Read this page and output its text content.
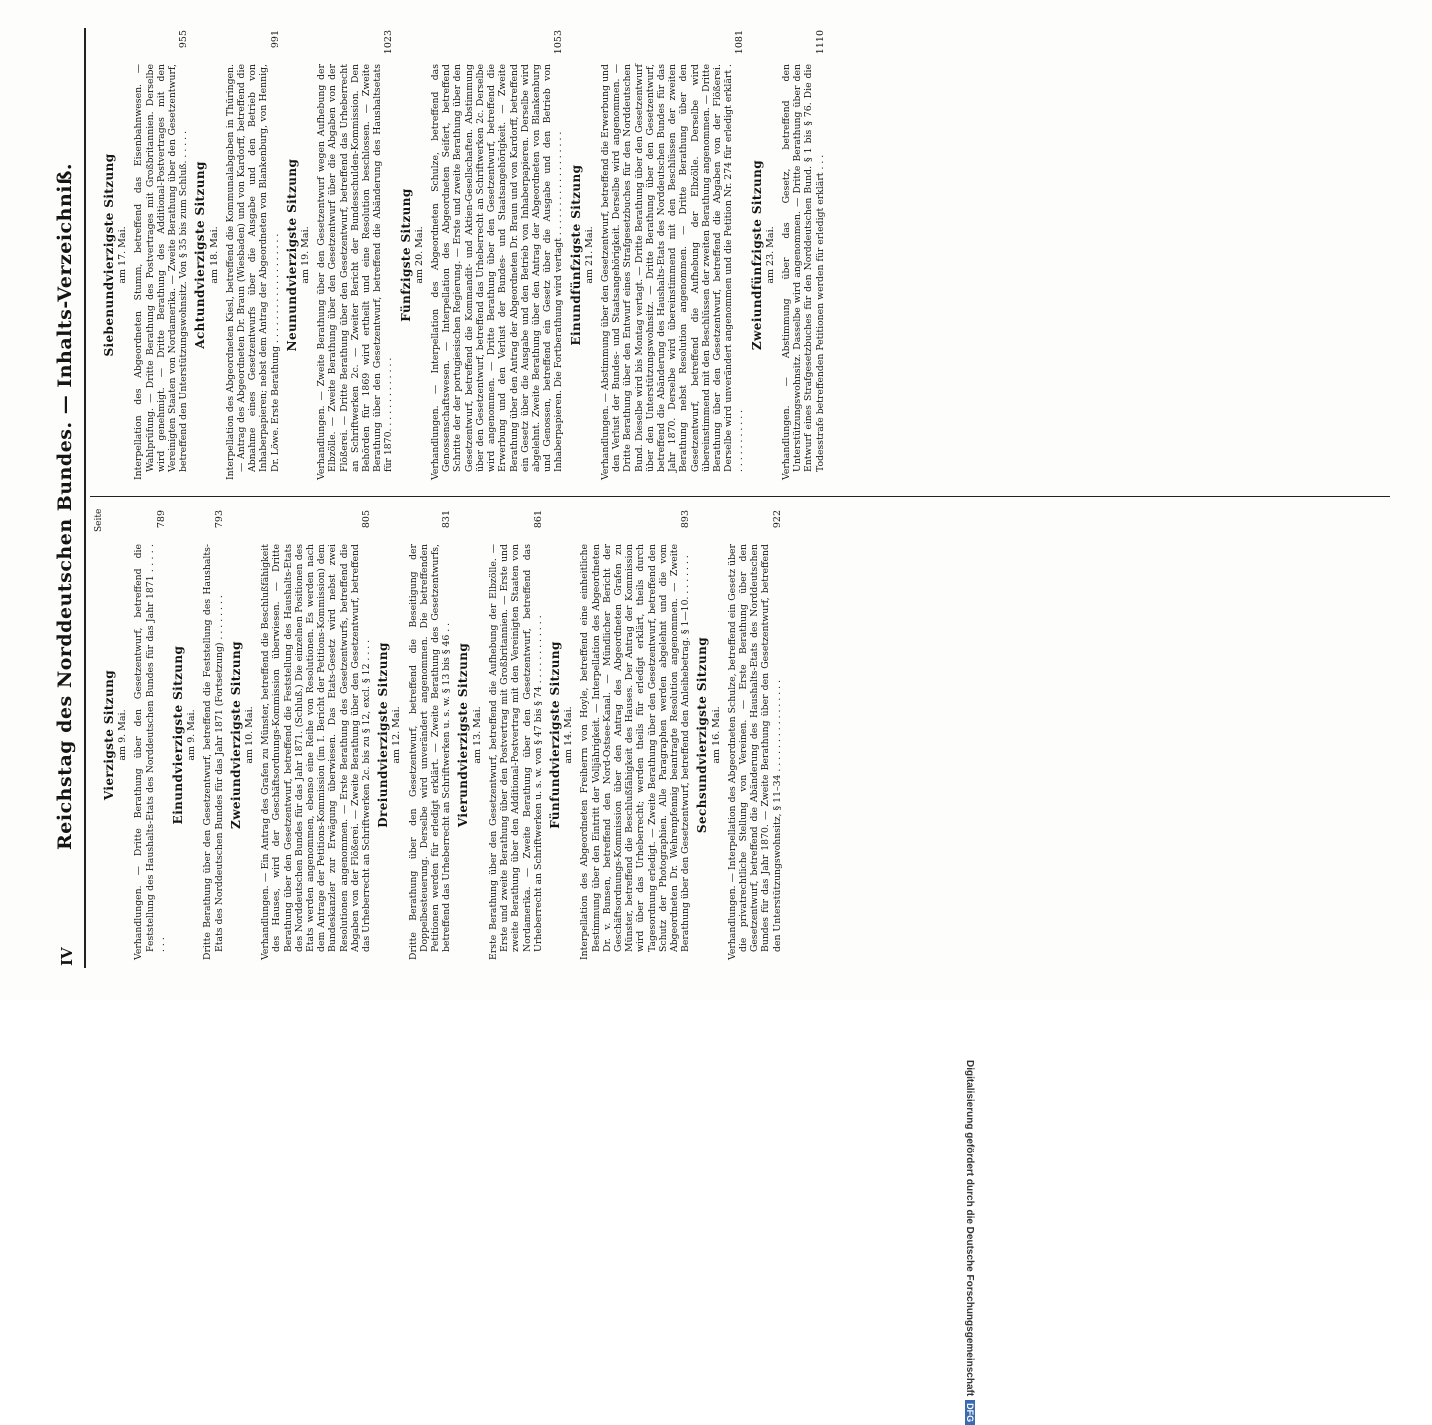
IV
Reichstag des Norddeutschen Bundes. — Inhalts-Verzeichniß. Seite
Vierzigste Sitzung am 9. Mai. Verhandlungen. — Dritte Berathung über den Gesetzentwurf, betreffend die Feststellung des Haushalts-Etats des Norddeutschen Bundes für das Jahr 1871 . . . . . . . .
789

Einundvierzigste Sitzung am 9. Mai. Dritte Berathung über den Gesetzentwurf, betreffend die Feststellung des Haushalts-Etats des Norddeutschen Bundes für das Jahr 1871 (Fortsetzung) . . . . . . . .
793

Zweiundvierzigste Sitzung am 10. Mai. Verhandlungen. — Ein Antrag des Grafen zu Münster, betreffend die Beschlußfähigkeit des Hauses, wird der Geschäftsordnungs-Kommission überwiesen. — Dritte Berathung über den Gesetzentwurf, betreffend die Feststellung des Haushalts-Etats des Norddeutschen Bundes für das Jahr 1871. (Schluß.) Die einzelnen Positionen des Etats werden angenommen, ebenso eine Reihe von Resolutionen. Es werden nach dem Antrage der Petitions-Kommission (im I. Bericht der Petitions-Kommission) dem Bundeskanzler zur Erwägung überwiesen. Das Etats-Gesetz wird nebst zwei Resolutionen angenommen. — Erste Berathung des Gesetzentwurfs, betreffend die Abgaben von der Flößerei. — Zweite Berathung über den Gesetzentwurf, betreffend das Urheberrecht an Schriftwerken 2c. bis zu § 12, excl. § 12 . . . .
805

Dreiundvierzigste Sitzung am 12. Mai. Dritte Berathung über den Gesetzentwurf, betreffend die Beseitigung der Doppelbesteuerung. Derselbe wird unverändert angenommen. Die betreffenden Petitionen werden für erledigt erklärt. — Zweite Berathung des Gesetzentwurfs, betreffend das Urheberrecht an Schriftwerken u. s. w. § 13 bis § 46 . .
831

Vierundvierzigste Sitzung am 13. Mai. Erste Berathung über den Gesetzentwurf, betreffend die Aufhebung der Elbzölle. — Erste und zweite Berathung über den Postvertrag mit Großbritannien. — Erste und zweite Berathung über den Additional-Postvertrag mit den Vereinigten Staaten von Nordamerika. — Zweite Berathung über den Gesetzentwurf, betreffend das Urheberrecht an Schriftwerken u. s. w. von § 47 bis § 74 . . . . . . . . . . . .
861

Fünfundvierzigste Sitzung am 14. Mai. Interpellation des Abgeordneten Freiherrn von Hoyle, betreffend eine einheitliche Bestimmung über den Eintritt der Volljährigkeit. — Interpellation des Abgeordneten Dr. v. Bunsen, betreffend den Nord-Ostsee-Kanal. — Mündlicher Bericht der Geschäftsordnungs-Kommission über den Antrag des Abgeordneten Grafen zu Münster, betreffend die Beschlußfähigkeit des Hauses. Der Antrag der Kommission wird über das Urheberrecht; werden theils für erledigt erklärt, theils durch Tagesordnung erledigt. — Zweite Berathung über den Gesetzentwurf, betreffend den Schutz der Photographien. Alle Paragraphen werden abgelehnt und die vom Abgeordneten Dr. Wehrenpfennig beantragte Resolution angenommen. — Zweite Berathung über den Gesetzentwurf, betreffend den Anleihebetrag. § 1—10. . . . . . . .
893

Sechsundvierzigste Sitzung am 16. Mai. Verhandlungen. — Interpellation des Abgeordneten Schulze, betreffend ein Gesetz über die privatrechtliche Stellung von Vereinen. — Erste Berathung über den Gesetzentwurf, betreffend die Abänderung des Haushalts-Etats des Norddeutschen Bundes für das Jahr 1870. — Zweite Berathung über den Gesetzentwurf, betreffend den Unterstützungswohnsitz, § 11–34 . . . . . . . . . . . . . . . .
922

Siebenundvierzigste Sitzung am 17. Mai. Interpellation des Abgeordneten Stumm, betreffend das Eisenbahnwesen. — Wahlprüfung. — Dritte Berathung des Postvertrages mit Großbritannien. Derselbe wird genehmigt. — Dritte Berathung des Additional-Postvertrages mit den Vereinigten Staaten von Nordamerika. — Zweite Berathung über den Gesetzentwurf, betreffend den Unterstützungswohnsitz. Von § 35 bis zum Schluß. . . . . .
955

Achtundvierzigste Sitzung am 18. Mai. Interpellation des Abgeordneten Kiesl, betreffend die Kommunalabgaben in Thüringen. — Antrag des Abgeordneten Dr. Braun (Wiesbaden) und von Kardorff, betreffend die Abnahme eines Gesetzentwurfs über die Ausgabe und den Betrieb von Inhaberpapieren; nebst dem Antrag der Abgeordneten von Blankenburg, von Hennig, Dr. Löwe. Erste Berathung . . . . . . . . . . . . . . . . . . .
991

Neunundvierzigste Sitzung am 19. Mai. Verhandlungen. — Zweite Berathung über den Gesetzentwurf wegen Aufhebung der Elbzölle. — Zweite Berathung über den Gesetzentwurf über die Abgaben von der Flößerei. — Dritte Berathung über den Gesetzentwurf, betreffend das Urheberrecht an Schriftwerken 2c. — Zweiter Bericht der Bundesschulden-Kommission. Den Behörden für 1869 wird ertheilt und eine Resolution beschlossen. — Zweite Berathung über den Gesetzentwurf, betreffend die Abänderung des Haushaltsetats für 1870. . . . . . . . . . . . .
1023

Fünfzigste Sitzung am 20. Mai. Verhandlungen. — Interpellation des Abgeordneten Schulze, betreffend das Genossenschaftswesen. — Interpellation des Abgeordneten Seifert, betreffend Schritte der der portugiesischen Regierung. — Erste und zweite Berathung über den Gesetzentwurf, betreffend die Kommandit- und Aktien-Gesellschaften. Abstimmung über den Gesetzentwurf, betreffend das Urheberrecht an Schriftwerken 2c. Derselbe wird angenommen. — Dritte Berathung über den Gesetzentwurf, betreffend die Erwerbung und den Verlust der Bundes- und Staatsangehörigkeit. — Zweite Berathung über den Antrag der Abgeordneten Dr. Braun und von Kardorff, betreffend ein Gesetz über die Ausgabe und den Betrieb von Inhaberpapieren. Derselbe wird abgelehnt. Zweite Berathung über den Antrag der Abgeordneten von Blankenburg und Genossen, betreffend ein Gesetz über die Ausgabe und den Betrieb von Inhaberpapieren. Die Fortberathung wird vertagt . . . . . . . . . . . . . . . . . .
1053

Einundfünfzigste Sitzung am 21. Mai. Verhandlungen. — Abstimmung über den Gesetzentwurf, betreffend die Erwerbung und den Verlust der Bundes- und Staatsangehörigkeit. Derselbe wird angenommen. — Dritte Berathung über den Entwurf eines Strafgesetzbuches für den Norddeutschen Bund. Dieselbe wird bis Montag vertagt. — Dritte Berathung über den Gesetzentwurf über den Unterstützungswohnsitz. — Dritte Berathung über den Gesetzentwurf, betreffend die Abänderung des Haushalts-Etats des Norddeutschen Bundes für das Jahr 1870. Derselbe wird übereinstimmend mit den Beschlüssen der zweiten Berathung nebst Resolution angenommen. — Dritte Berathung über den Gesetzentwurf, betreffend die Aufhebung der Elbzölle. Derselbe wird übereinstimmend mit den Beschlüssen der zweiten Berathung angenommen. — Dritte Berathung über den Gesetzentwurf, betreffend die Abgaben von der Flößerei. Derselbe wird unverändert angenommen und die Petition Nr. 274 für erledigt erklärt . . . . . . . . . . . .
1081

Zweiundfünfzigste Sitzung am 23. Mai. Verhandlungen. — Abstimmung über das Gesetz, betreffend den Unterstützungswohnsitz. Dasselbe wird angenommen. — Dritte Berathung über den Entwurf eines Strafgesetzbuches für den Norddeutschen Bund. § 1 bis § 76. Die die Todesstrafe betreffenden Petitionen werden für erledigt erklärt . . .
1110

Digitalisierung gefördert durch die Deutsche ForschungsgemeinschaftDFG
